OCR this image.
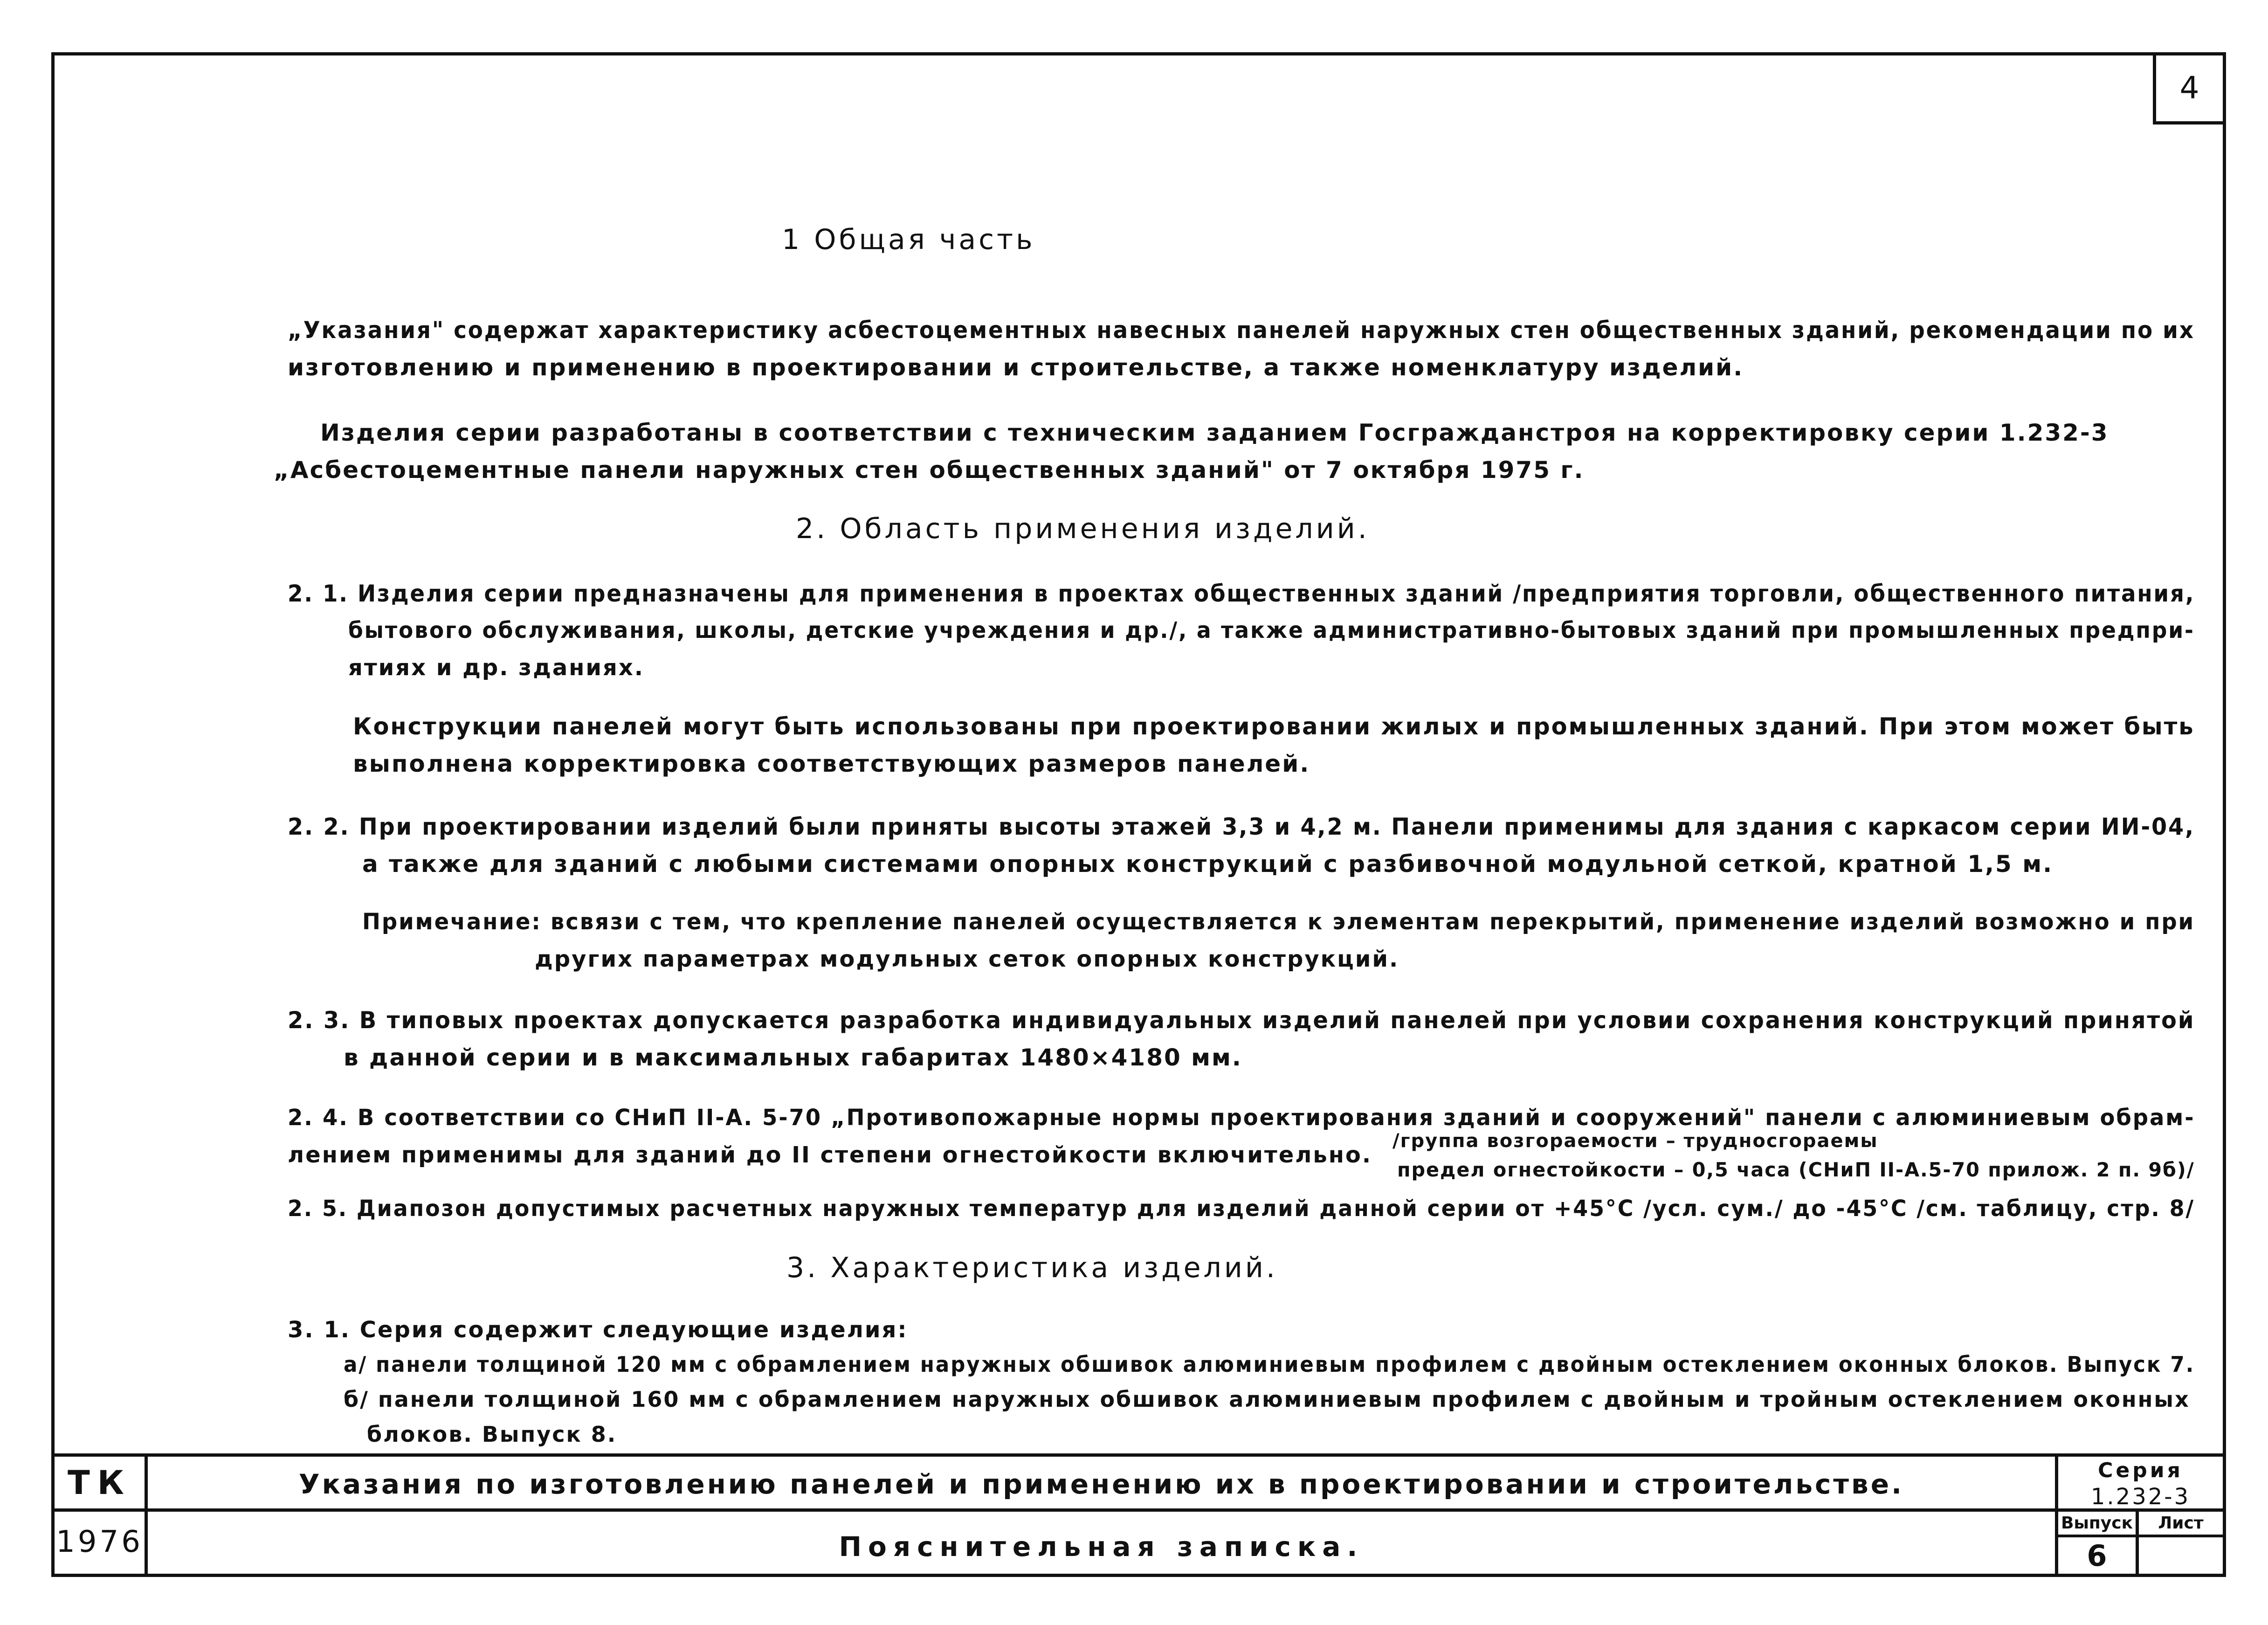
4
1 Общая часть
„Указания" содержат характеристику асбестоцементных навесных панелей наружных стен общественных зданий, рекомендации по их
изготовлению и применению в проектировании и строительстве, а также номенклатуру изделий.
Изделия серии разработаны в соответствии с техническим заданием Госгражданстроя на корректировку серии 1.232-3
„Асбестоцементные панели наружных стен общественных зданий" от 7 октября 1975 г.
2. Область применения изделий.
2. 1. Изделия серии предназначены для применения в проектах общественных зданий /предприятия торговли, общественного питания,
бытового обслуживания, школы, детские учреждения и др./, а также административно-бытовых зданий при промышленных предпри-
ятиях и др. зданиях.
Конструкции панелей могут быть использованы при проектировании жилых и промышленных зданий. При этом может быть
выполнена корректировка соответствующих размеров панелей.
2. 2. При проектировании изделий были приняты высоты этажей 3,3 и 4,2 м. Панели применимы для здания с каркасом серии ИИ-04,
а также для зданий с любыми системами опорных конструкций с разбивочной модульной сеткой, кратной 1,5 м.
Примечание: всвязи с тем, что крепление панелей осуществляется к элементам перекрытий, применение изделий возможно и при
других параметрах модульных сеток опорных конструкций.
2. 3. В типовых проектах допускается разработка индивидуальных изделий панелей при условии сохранения конструкций принятой
в данной серии и в максимальных габаритах 1480×4180 мм.
2. 4. В соответствии со СНиП II-А. 5-70 „Противопожарные нормы проектирования зданий и сооружений" панели с алюминиевым обрам-
лением применимы для зданий до II степени огнестойкости включительно.
/группа возгораемости – трудносгораемы
предел огнестойкости – 0,5 часа (СНиП II-А.5-70 прилож. 2 п. 9б)/
2. 5. Диапозон допустимых расчетных наружных температур для изделий данной серии от +45°С /усл. сум./ до -45°С /см. таблицу, стр. 8/
3. Характеристика изделий.
3. 1. Серия содержит следующие изделия:
а/ панели толщиной 120 мм с обрамлением наружных обшивок алюминиевым профилем с двойным остеклением оконных блоков. Выпуск 7.
б/ панели толщиной 160 мм с обрамлением наружных обшивок алюминиевым профилем с двойным и тройным остеклением оконных
блоков. Выпуск 8.
ТК
1976
Указания по изготовлению панелей и применению их в проектировании и строительстве.
Пояснительная записка.
Серия
1.232-3
Выпуск
6
Лист
